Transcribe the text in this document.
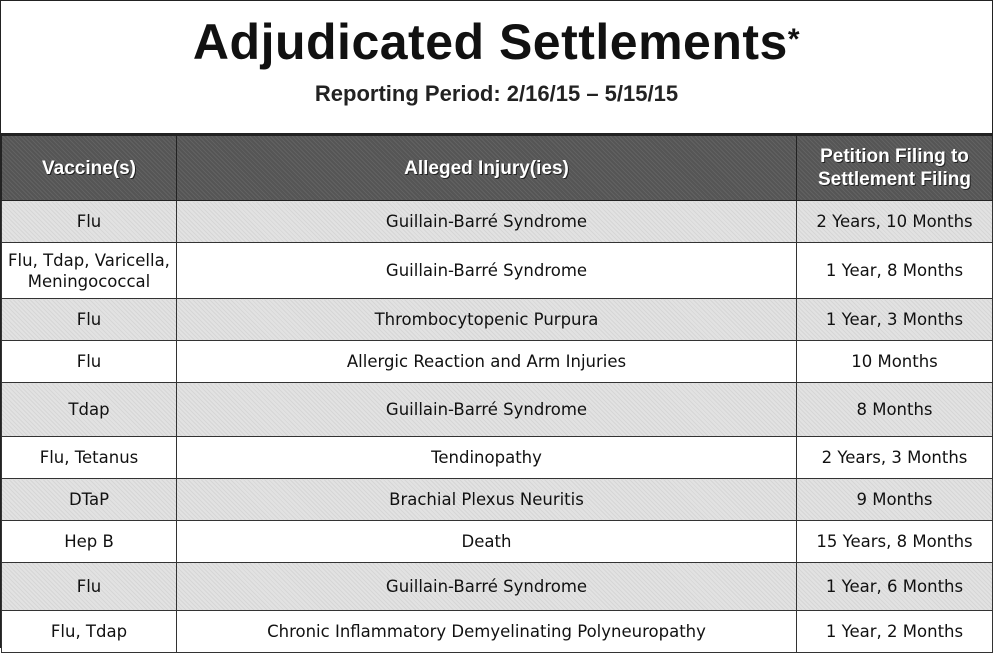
Adjudicated Settlements*
Reporting Period: 2/16/15 – 5/15/15
Vaccine(s)	Alleged Injury(ies)	Petition Filing to Settlement Filing
Flu	Guillain-Barré Syndrome	2 Years, 10 Months
Flu, Tdap, Varicella, Meningococcal	Guillain-Barré Syndrome	1 Year, 8 Months
Flu	Thrombocytopenic Purpura	1 Year, 3 Months
Flu	Allergic Reaction and Arm Injuries	10 Months
Tdap	Guillain-Barré Syndrome	8 Months
Flu, Tetanus	Tendinopathy	2 Years, 3 Months
DTaP	Brachial Plexus Neuritis	9 Months
Hep B	Death	15 Years, 8 Months
Flu	Guillain-Barré Syndrome	1 Year, 6 Months
Flu, Tdap	Chronic Inflammatory Demyelinating Polyneuropathy	1 Year, 2 Months
